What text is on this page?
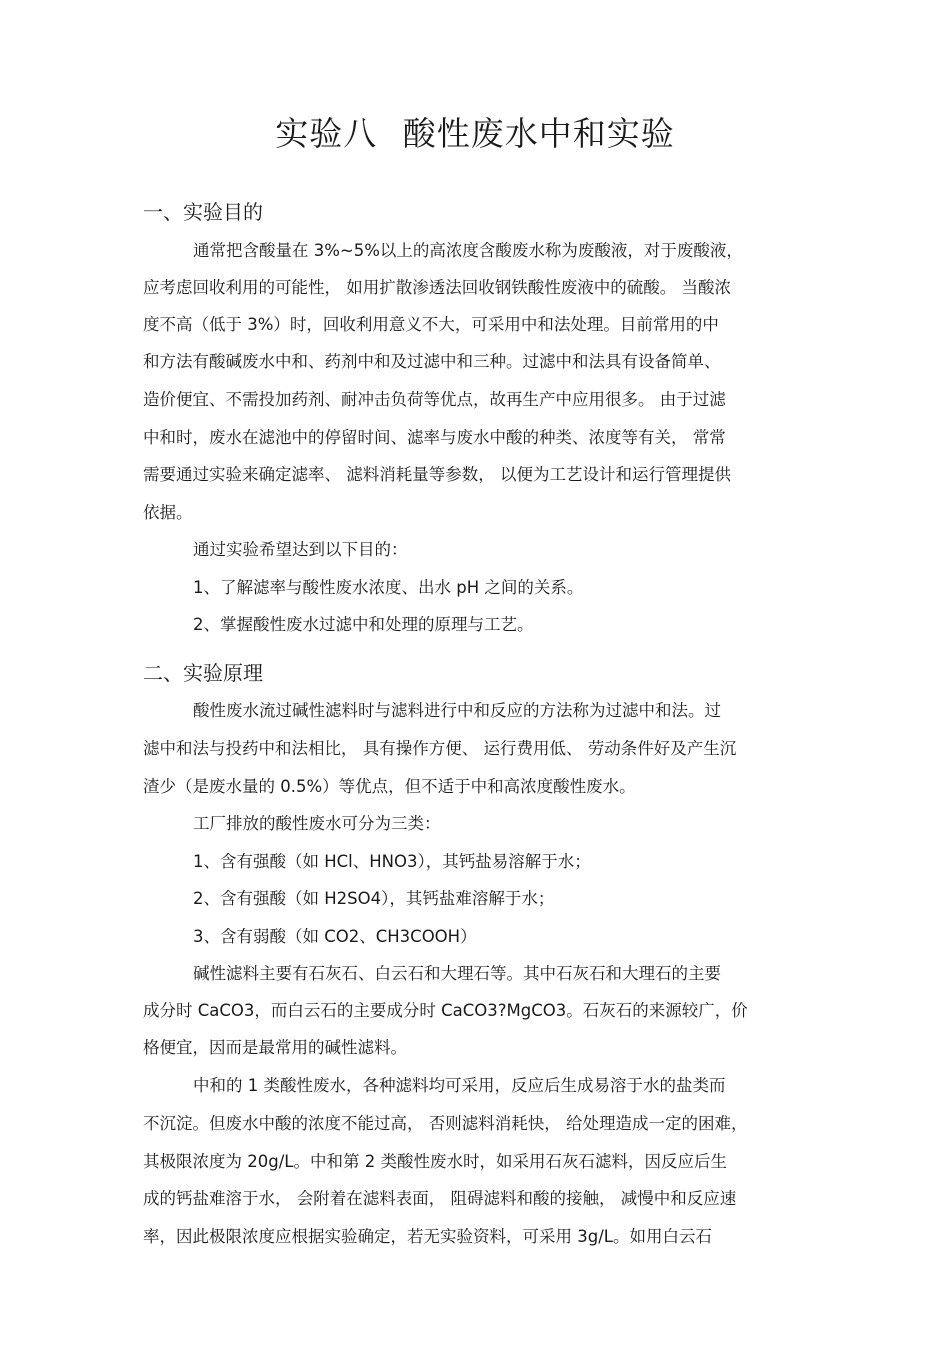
实验八 酸性废水中和实验
一、实验目的
通常把含酸量在 3%~5%以上的高浓度含酸废水称为废酸液，对于废酸液，
应考虑回收利用的可能性， 如用扩散渗透法回收钢铁酸性废液中的硫酸。 当酸浓
度不高（低于 3%）时，回收利用意义不大，可采用中和法处理。目前常用的中
和方法有酸碱废水中和、药剂中和及过滤中和三种。过滤中和法具有设备简单、
造价便宜、不需投加药剂、耐冲击负荷等优点，故再生产中应用很多。 由于过滤
中和时，废水在滤池中的停留时间、滤率与废水中酸的种类、浓度等有关， 常常
需要通过实验来确定滤率、 滤料消耗量等参数， 以便为工艺设计和运行管理提供
依据。
通过实验希望达到以下目的：
1、了解滤率与酸性废水浓度、出水 pH 之间的关系。
2、掌握酸性废水过滤中和处理的原理与工艺。
二、实验原理
酸性废水流过碱性滤料时与滤料进行中和反应的方法称为过滤中和法。过
滤中和法与投药中和法相比， 具有操作方便、 运行费用低、 劳动条件好及产生沉
渣少（是废水量的 0.5%）等优点，但不适于中和高浓度酸性废水。
工厂排放的酸性废水可分为三类：
1、含有强酸（如 HCl、HNO3），其钙盐易溶解于水；
2、含有强酸（如 H2SO4），其钙盐难溶解于水；
3、含有弱酸（如 CO2、CH3COOH）
碱性滤料主要有石灰石、白云石和大理石等。其中石灰石和大理石的主要
成分时 CaCO3，而白云石的主要成分时 CaCO3?MgCO3。石灰石的来源较广，价
格便宜，因而是最常用的碱性滤料。
中和的 1 类酸性废水，各种滤料均可采用，反应后生成易溶于水的盐类而
不沉淀。但废水中酸的浓度不能过高， 否则滤料消耗快， 给处理造成一定的困难，
其极限浓度为 20g/L。中和第 2 类酸性废水时，如采用石灰石滤料，因反应后生
成的钙盐难溶于水， 会附着在滤料表面， 阻碍滤料和酸的接触， 减慢中和反应速
率，因此极限浓度应根据实验确定，若无实验资料，可采用 3g/L。如用白云石
